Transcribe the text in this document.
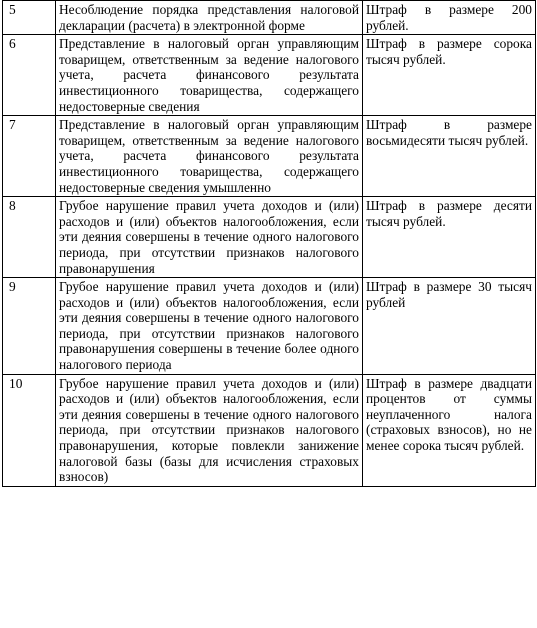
5	Несоблюдение порядка представления налоговой декларации (расчета) в электронной форме	Штраф в размере 200 рублей.
6	Представление в налоговый орган управляющим товарищем, ответственным за ведение налогового учета, расчета финансового результата инвестиционного товарищества, содержащего недостоверные сведения	Штраф в размере сорока тысяч рублей.
7	Представление в налоговый орган управляющим товарищем, ответственным за ведение налогового учета, расчета финансового результата инвестиционного товарищества, содержащего недостоверные сведения умышленно	Штраф в размере восьмидесяти тысяч рублей.
8	Грубое нарушение правил учета доходов и (или) расходов и (или) объектов налогообложения, если эти деяния совершены в течение одного налогового периода, при отсутствии признаков налогового правонарушения	Штраф в размере десяти тысяч рублей.
9	Грубое нарушение правил учета доходов и (или) расходов и (или) объектов налогообложения, если эти деяния совершены в течение одного налогового периода, при отсутствии признаков налогового правонарушения совершены в течение более одного налогового периода	Штраф в размере 30 тысяч рублей
10	Грубое нарушение правил учета доходов и (или) расходов и (или) объектов налогообложения, если эти деяния совершены в течение одного налогового периода, при отсутствии признаков налогового правонарушения, которые повлекли занижение налоговой базы (базы для исчисления страховых взносов)	Штраф в размере двадцати процентов от суммы неуплаченного налога (страховых взносов), но не менее сорока тысяч рублей.
